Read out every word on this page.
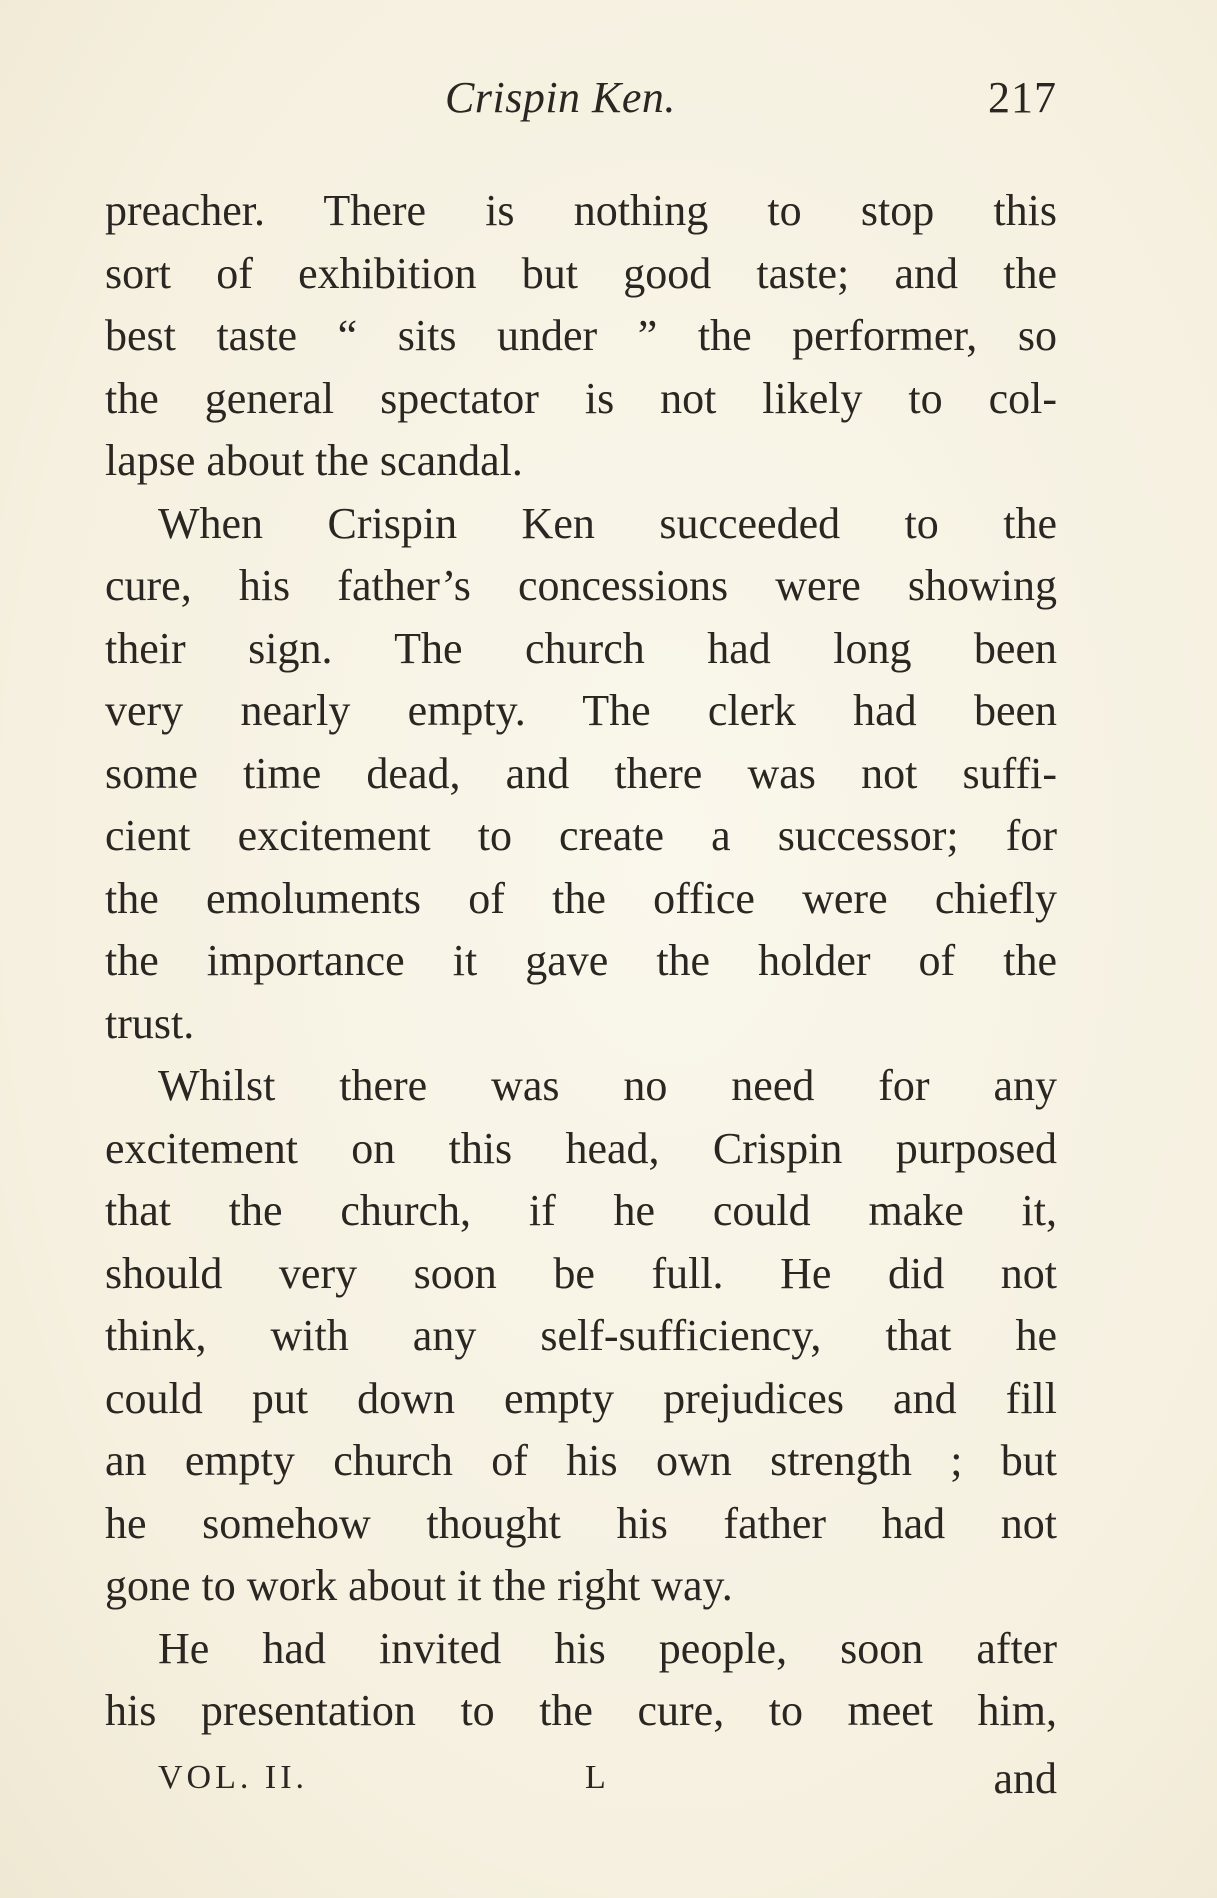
Crispin Ken.	217
preacher. There is nothing to stop this
sort of exhibition but good taste; and the
best taste “ sits under ” the performer, so
the general spectator is not likely to col-
lapse about the scandal.
When Crispin Ken succeeded to the
cure, his father’s concessions were showing
their sign. The church had long been
very nearly empty. The clerk had been
some time dead, and there was not suffi-
cient excitement to create a successor; for
the emoluments of the office were chiefly
the importance it gave the holder of the
trust.
Whilst there was no need for any
excitement on this head, Crispin purposed
that the church, if he could make it,
should very soon be full. He did not
think, with any self-sufficiency, that he
could put down empty prejudices and fill
an empty church of his own strength ; but
he somehow thought his father had not
gone to work about it the right way.
He had invited his people, soon after
his presentation to the cure, to meet him,
VOL. II.	L	and
